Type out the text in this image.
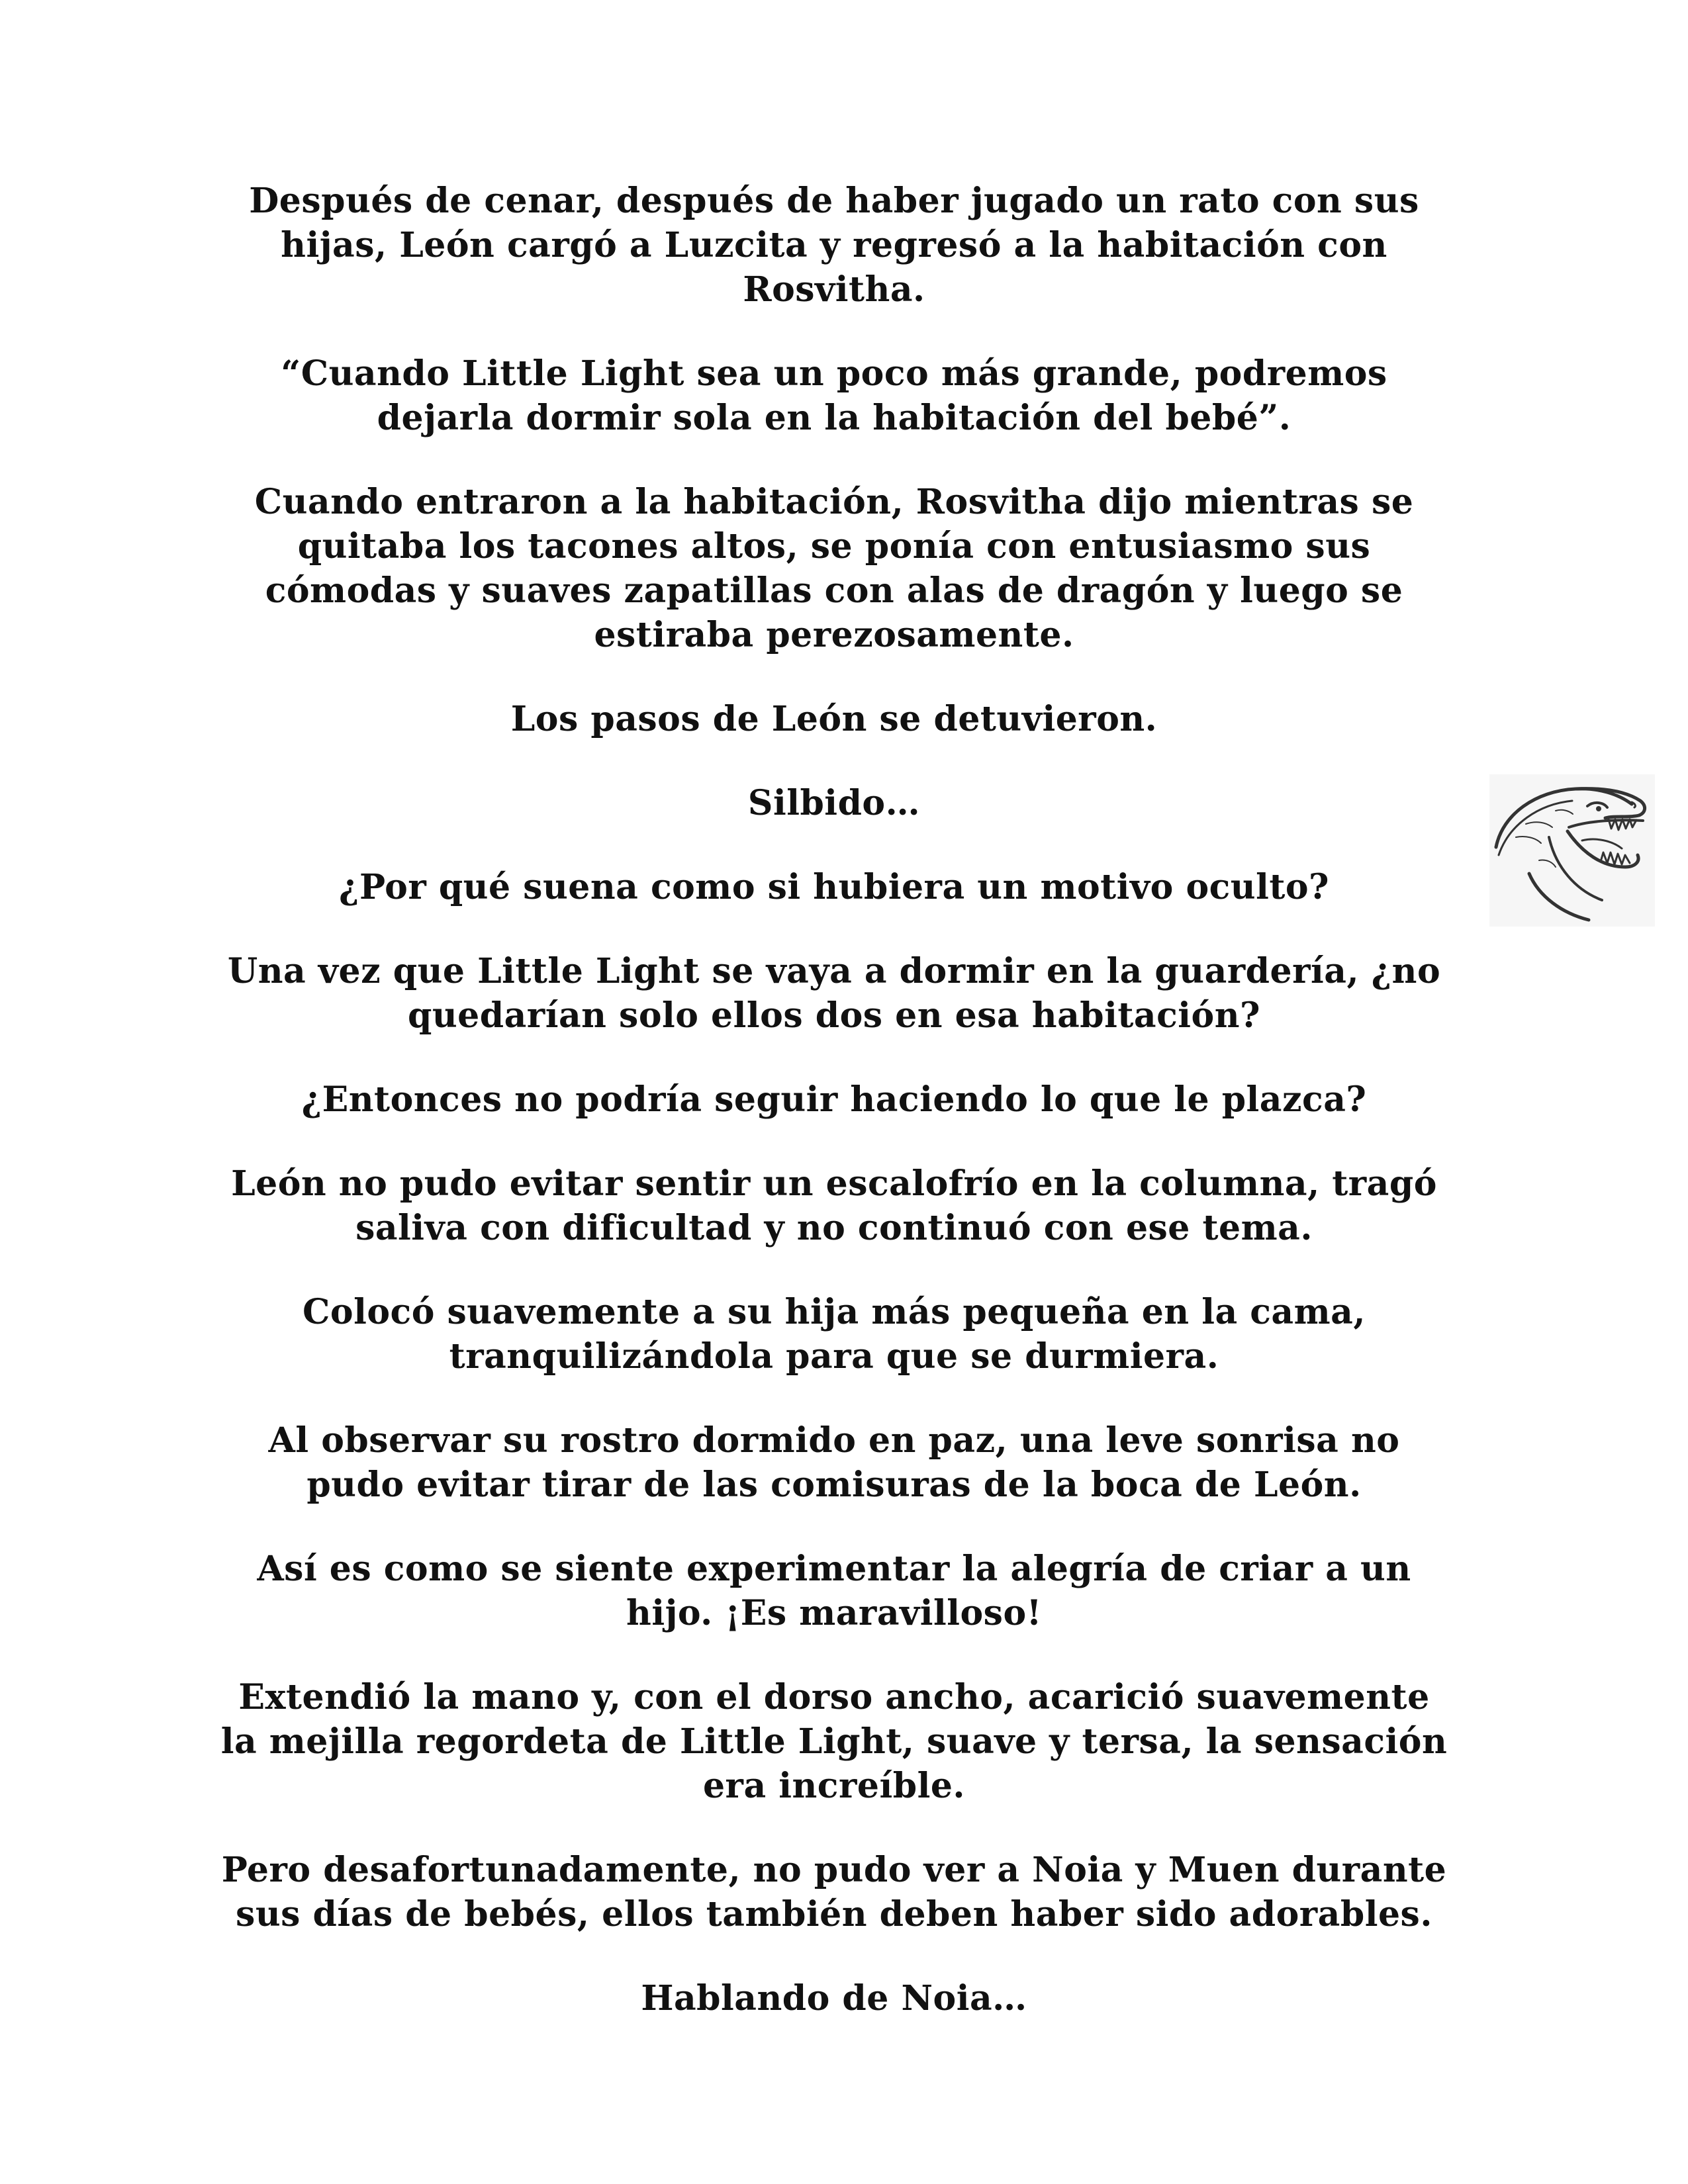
Después de cenar, después de haber jugado un rato con sus hijas, León cargó a Luzcita y regresó a la habitación con Rosvitha.

“Cuando Little Light sea un poco más grande, podremos dejarla dormir sola en la habitación del bebé”.

Cuando entraron a la habitación, Rosvitha dijo mientras se quitaba los tacones altos, se ponía con entusiasmo sus cómodas y suaves zapatillas con alas de dragón y luego se estiraba perezosamente.

Los pasos de León se detuvieron.

Silbido…

¿Por qué suena como si hubiera un motivo oculto?

Una vez que Little Light se vaya a dormir en la guardería, ¿no quedarían solo ellos dos en esa habitación?

¿Entonces no podría seguir haciendo lo que le plazca?

León no pudo evitar sentir un escalofrío en la columna, tragó saliva con dificultad y no continuó con ese tema.

Colocó suavemente a su hija más pequeña en la cama, tranquilizándola para que se durmiera.

Al observar su rostro dormido en paz, una leve sonrisa no pudo evitar tirar de las comisuras de la boca de León.

Así es como se siente experimentar la alegría de criar a un hijo. ¡Es maravilloso!

Extendió la mano y, con el dorso ancho, acarició suavemente la mejilla regordeta de Little Light, suave y tersa, la sensación era increíble.

Pero desafortunadamente, no pudo ver a Noia y Muen durante sus días de bebés, ellos también deben haber sido adorables.

Hablando de Noia…
